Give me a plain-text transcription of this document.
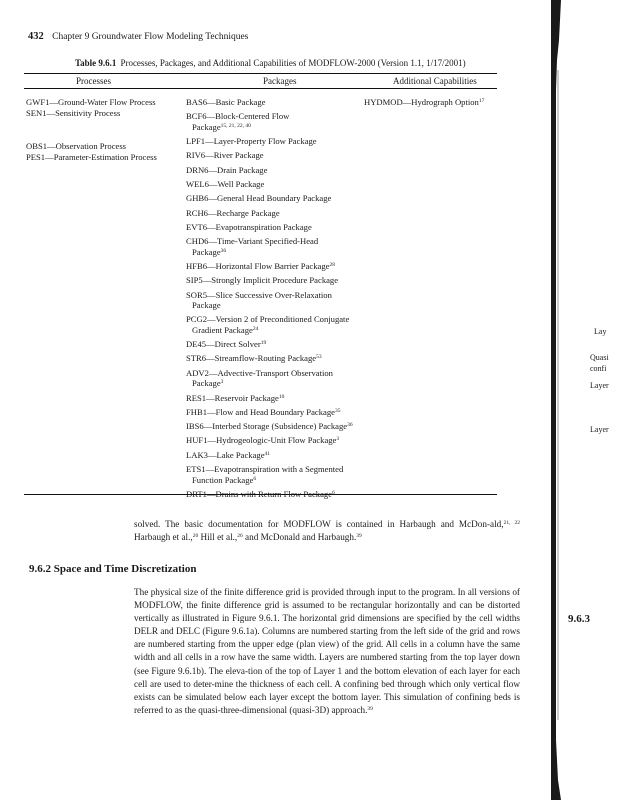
432 Chapter 9 Groundwater Flow Modeling Techniques
Table 9.6.1 Processes, Packages, and Additional Capabilities of MODFLOW-2000 (Version 1.1, 1/17/2001)
Processes	Packages	Additional Capabilities
GWF1—Ground-Water Flow Process
SEN1—Sensitivity Process
OBS1—Observation Process
PES1—Parameter-Estimation Process
BAS6—Basic Package
BCF6—Block-Centered Flow
Package$^{15, 21, 22, 40}$
LPF1—Layer-Property Flow Package
RIV6—River Package
DRN6—Drain Package
WEL6—Well Package
GHB6—General Head Boundary Package
RCH6—Recharge Package
EVT6—Evapotranspiration Package
CHD6—Time-Variant Specified-Head
Package$^{36}$
HFB6—Horizontal Flow Barrier Package$^{28}$
SIP5—Strongly Implicit Procedure Package
SOR5—Slice Successive Over-Relaxation
Package
PCG2—Version 2 of Preconditioned Conjugate
Gradient Package$^{24}$
DE45—Direct Solver$^{19}$
STR6—Streamflow-Routing Package$^{53}$
ADV2—Advective-Transport Observation
Package$^3$
RES1—Reservoir Package$^{10}$
FHB1—Flow and Head Boundary Package$^{35}$
IBS6—Interbed Storage (Subsidence) Package$^{36}$
HUF1—Hydrogeologic-Unit Flow Package$^3$
LAK3—Lake Package$^{41}$
ETS1—Evapotranspiration with a Segmented
Function Package$^6$
DRT1—Drains with Return Flow Package$^6$
HYDMOD—Hydrograph Option$^{17}$
solved. The basic documentation for MODFLOW is contained in Harbaugh and McDon-ald,$^{21, 22}$ Harbaugh et al.,$^{20}$ Hill et al.,$^{26}$ and McDonald and Harbaugh.$^{39}$
9.6.2 Space and Time Discretization
The physical size of the finite difference grid is provided through input to the program. In all versions of MODFLOW, the finite difference grid is assumed to be rectangular horizontally and can be distorted vertically as illustrated in Figure 9.6.1. The horizontal grid dimensions are specified by the cell widths DELR and DELC (Figure 9.6.1a). Columns are numbered starting from the left side of the grid and rows are numbered starting from the upper edge (plan view) of the grid. All cells in a column have the same width and all cells in a row have the same width. Layers are numbered starting from the top layer down (see Figure 9.6.1b). The eleva-tion of the top of Layer 1 and the bottom elevation of each layer for each cell are used to deter-mine the thickness of each cell. A confining bed through which only vertical flow exists can be simulated below each layer except the bottom layer. This simulation of confining beds is referred to as the quasi-three-dimensional (quasi-3D) approach.$^{39}$
Lay
Quasi
confi
Layer
Layer
9.6.3
